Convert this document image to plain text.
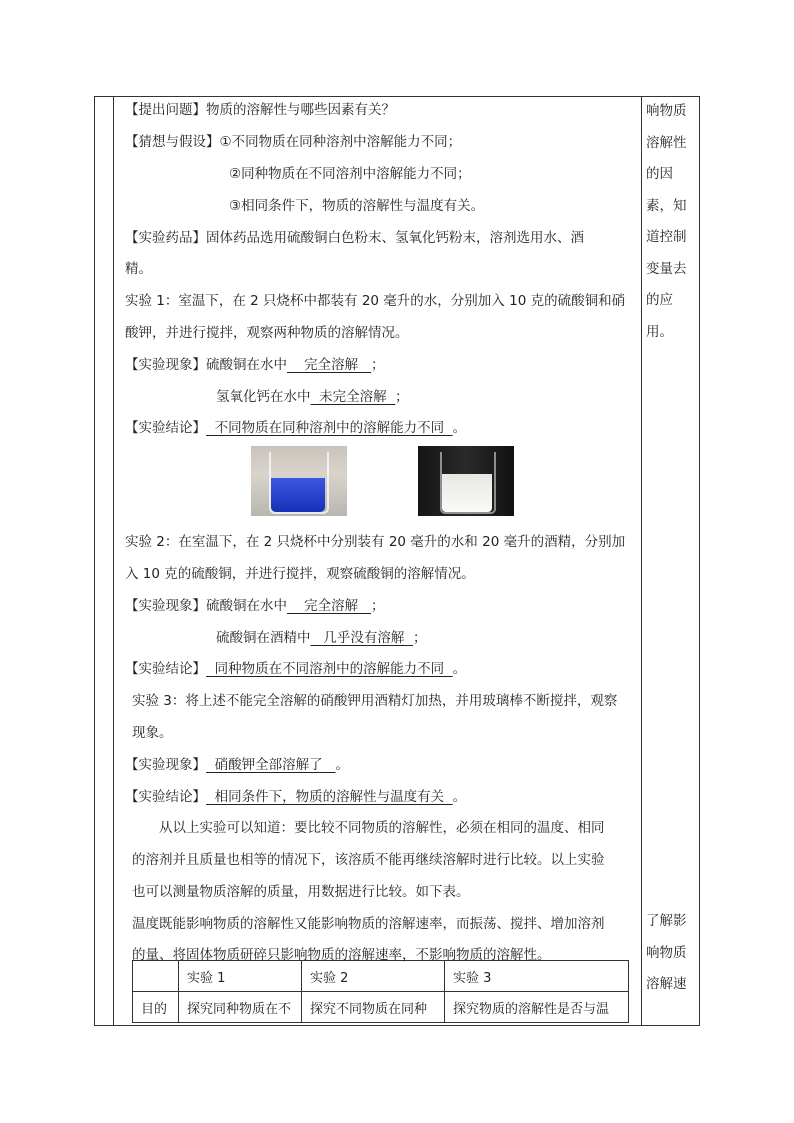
【提出问题】物质的溶解性与哪些因素有关？
【猜想与假设】①不同物质在同种溶剂中溶解能力不同；
②同种物质在不同溶剂中溶解能力不同；
③相同条件下，物质的溶解性与温度有关。
【实验药品】固体药品选用硫酸铜白色粉末、氢氧化钙粉末，溶剂选用水、酒
精。
实验 1：室温下，在 2 只烧杯中都装有 20 毫升的水，分别加入 10 克的硫酸铜和硝
酸钾，并进行搅拌，观察两种物质的溶解情况。
【实验现象】硫酸铜在水中    完全溶解   ；
氢氧化钙在水中  未完全溶解  ；
【实验结论】  不同物质在同种溶剂中的溶解能力不同  。
实验 2：在室温下，在 2 只烧杯中分别装有 20 毫升的水和 20 毫升的酒精，分别加
入 10 克的硫酸铜，并进行搅拌，观察硫酸铜的溶解情况。
【实验现象】硫酸铜在水中    完全溶解   ；
硫酸铜在酒精中   几乎没有溶解  ；
【实验结论】  同种物质在不同溶剂中的溶解能力不同  。
实验 3：将上述不能完全溶解的硝酸钾用酒精灯加热，并用玻璃棒不断搅拌，观察
现象。
【实验现象】  硝酸钾全部溶解了   。
【实验结论】  相同条件下，物质的溶解性与温度有关  。
从以上实验可以知道：要比较不同物质的溶解性，必须在相同的温度、相同
的溶剂并且质量也相等的情况下，该溶质不能再继续溶解时进行比较。以上实验
也可以测量物质溶解的质量，用数据进行比较。如下表。
温度既能影响物质的溶解性又能影响物质的溶解速率，而振荡、搅拌、增加溶剂
的量、将固体物质研碎只影响物质的溶解速率，不影响物质的溶解性。
	实验 1	实验 2	实验 3
目的	探究同种物质在不	探究不同物质在同种	探究物质的溶解性是否与温
响物质
溶解性
的因
素，知
道控制
变量去
的应
用。
了解影
响物质
溶解速
